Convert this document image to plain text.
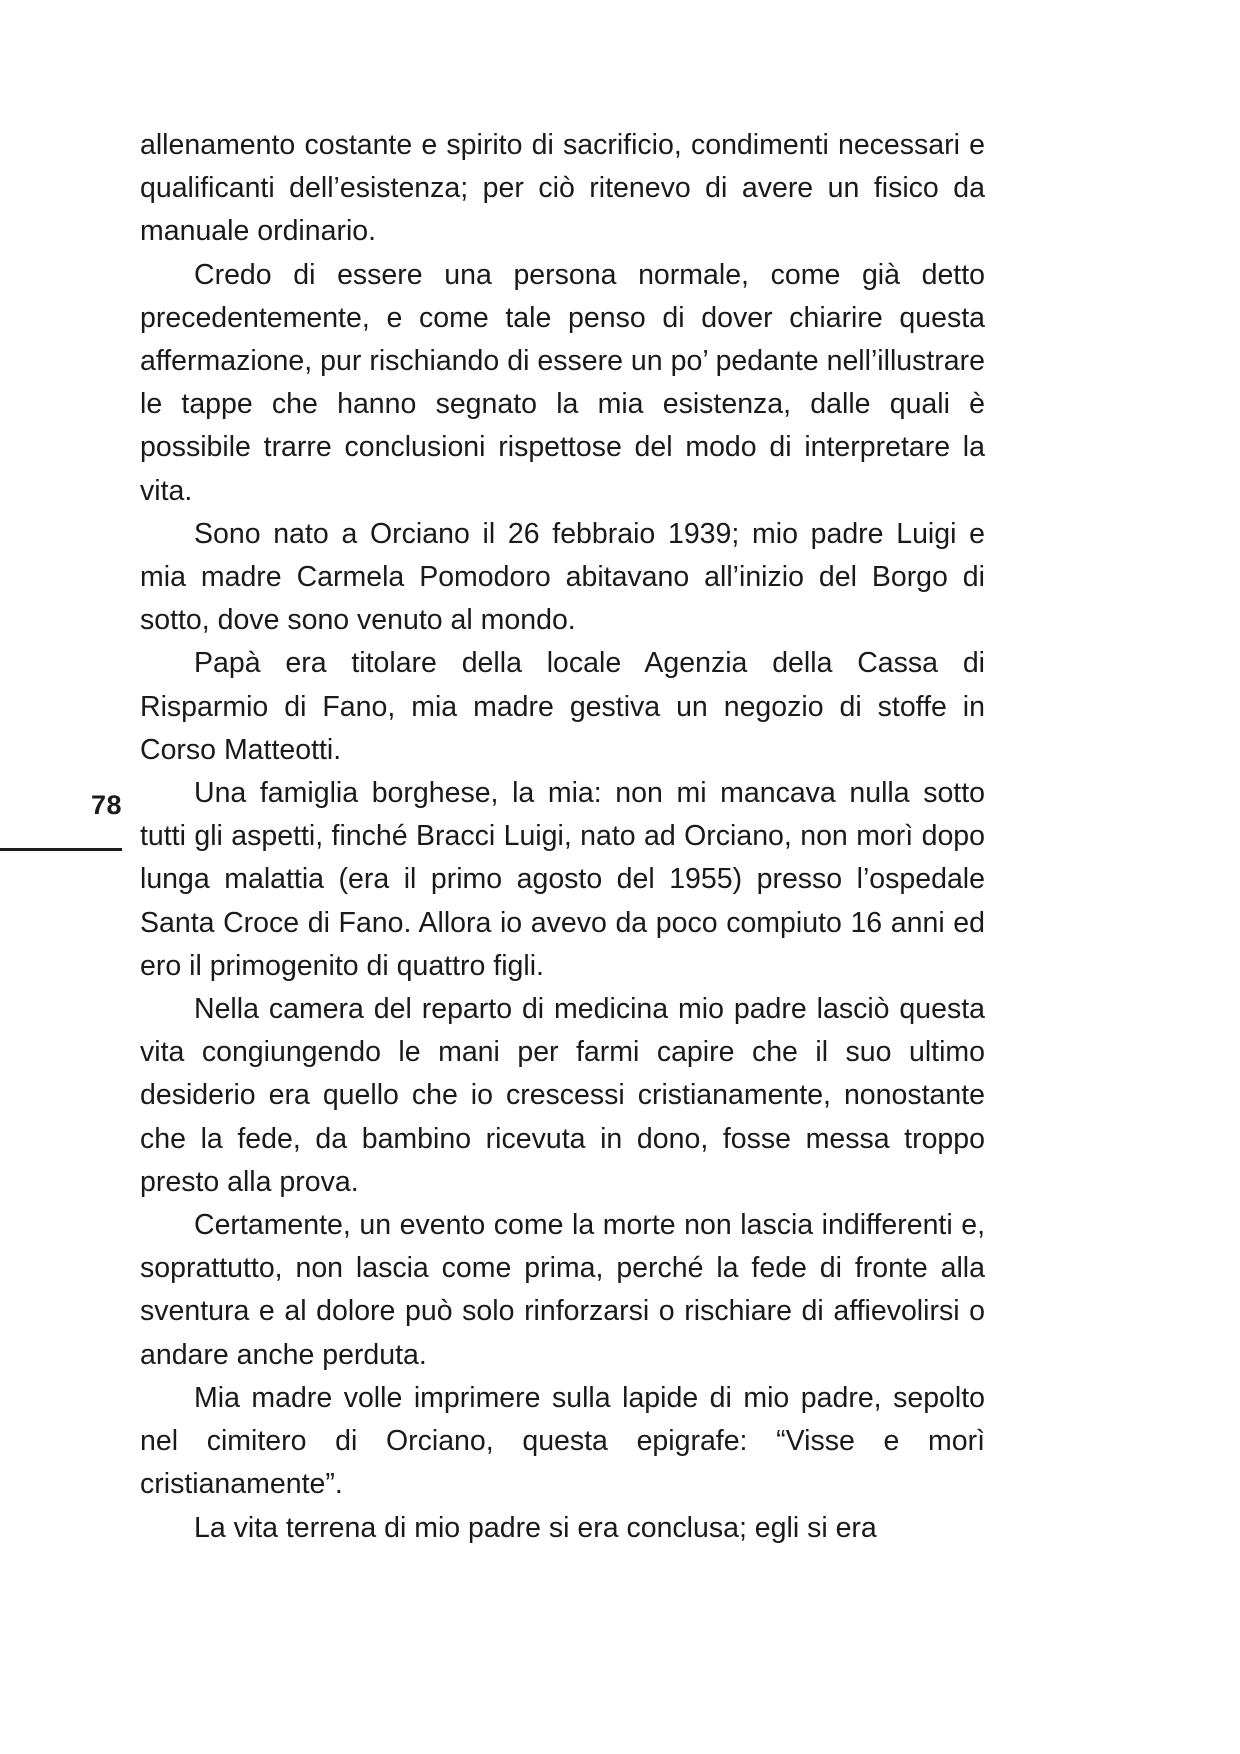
78

allenamento costante e spirito di sacrificio, condimenti necessari e qualificanti dell’esistenza; per ciò ritenevo di avere un fisico da manuale ordinario.

Credo di essere una persona normale, come già detto precedentemente, e come tale penso di dover chiarire questa affermazione, pur rischiando di essere un po’ pedante nell’illustrare le tappe che hanno segnato la mia esistenza, dalle quali è possibile trarre conclusioni rispettose del modo di interpretare la vita.

Sono nato a Orciano il 26 febbraio 1939; mio padre Luigi e mia madre Carmela Pomodoro abitavano all’inizio del Borgo di sotto, dove sono venuto al mondo.

Papà era titolare della locale Agenzia della Cassa di Risparmio di Fano, mia madre gestiva un negozio di stoffe in Corso Matteotti.

Una famiglia borghese, la mia: non mi mancava nulla sotto tutti gli aspetti, finché Bracci Luigi, nato ad Orciano, non morì dopo lunga malattia (era il primo agosto del 1955) presso l’ospedale Santa Croce di Fano. Allora io avevo da poco compiuto 16 anni ed ero il primogenito di quattro figli.

Nella camera del reparto di medicina mio padre lasciò questa vita congiungendo le mani per farmi capire che il suo ultimo desiderio era quello che io crescessi cristianamente, nonostante che la fede, da bambino ricevuta in dono, fosse messa troppo presto alla prova.

Certamente, un evento come la morte non lascia indifferenti e, soprattutto, non lascia come prima, perché la fede di fronte alla sventura e al dolore può solo rinforzarsi o rischiare di affievolirsi o andare anche perduta.

Mia madre volle imprimere sulla lapide di mio padre, sepolto nel cimitero di Orciano, questa epigrafe: “Visse e morì cristianamente”.

La vita terrena di mio padre si era conclusa; egli si era
